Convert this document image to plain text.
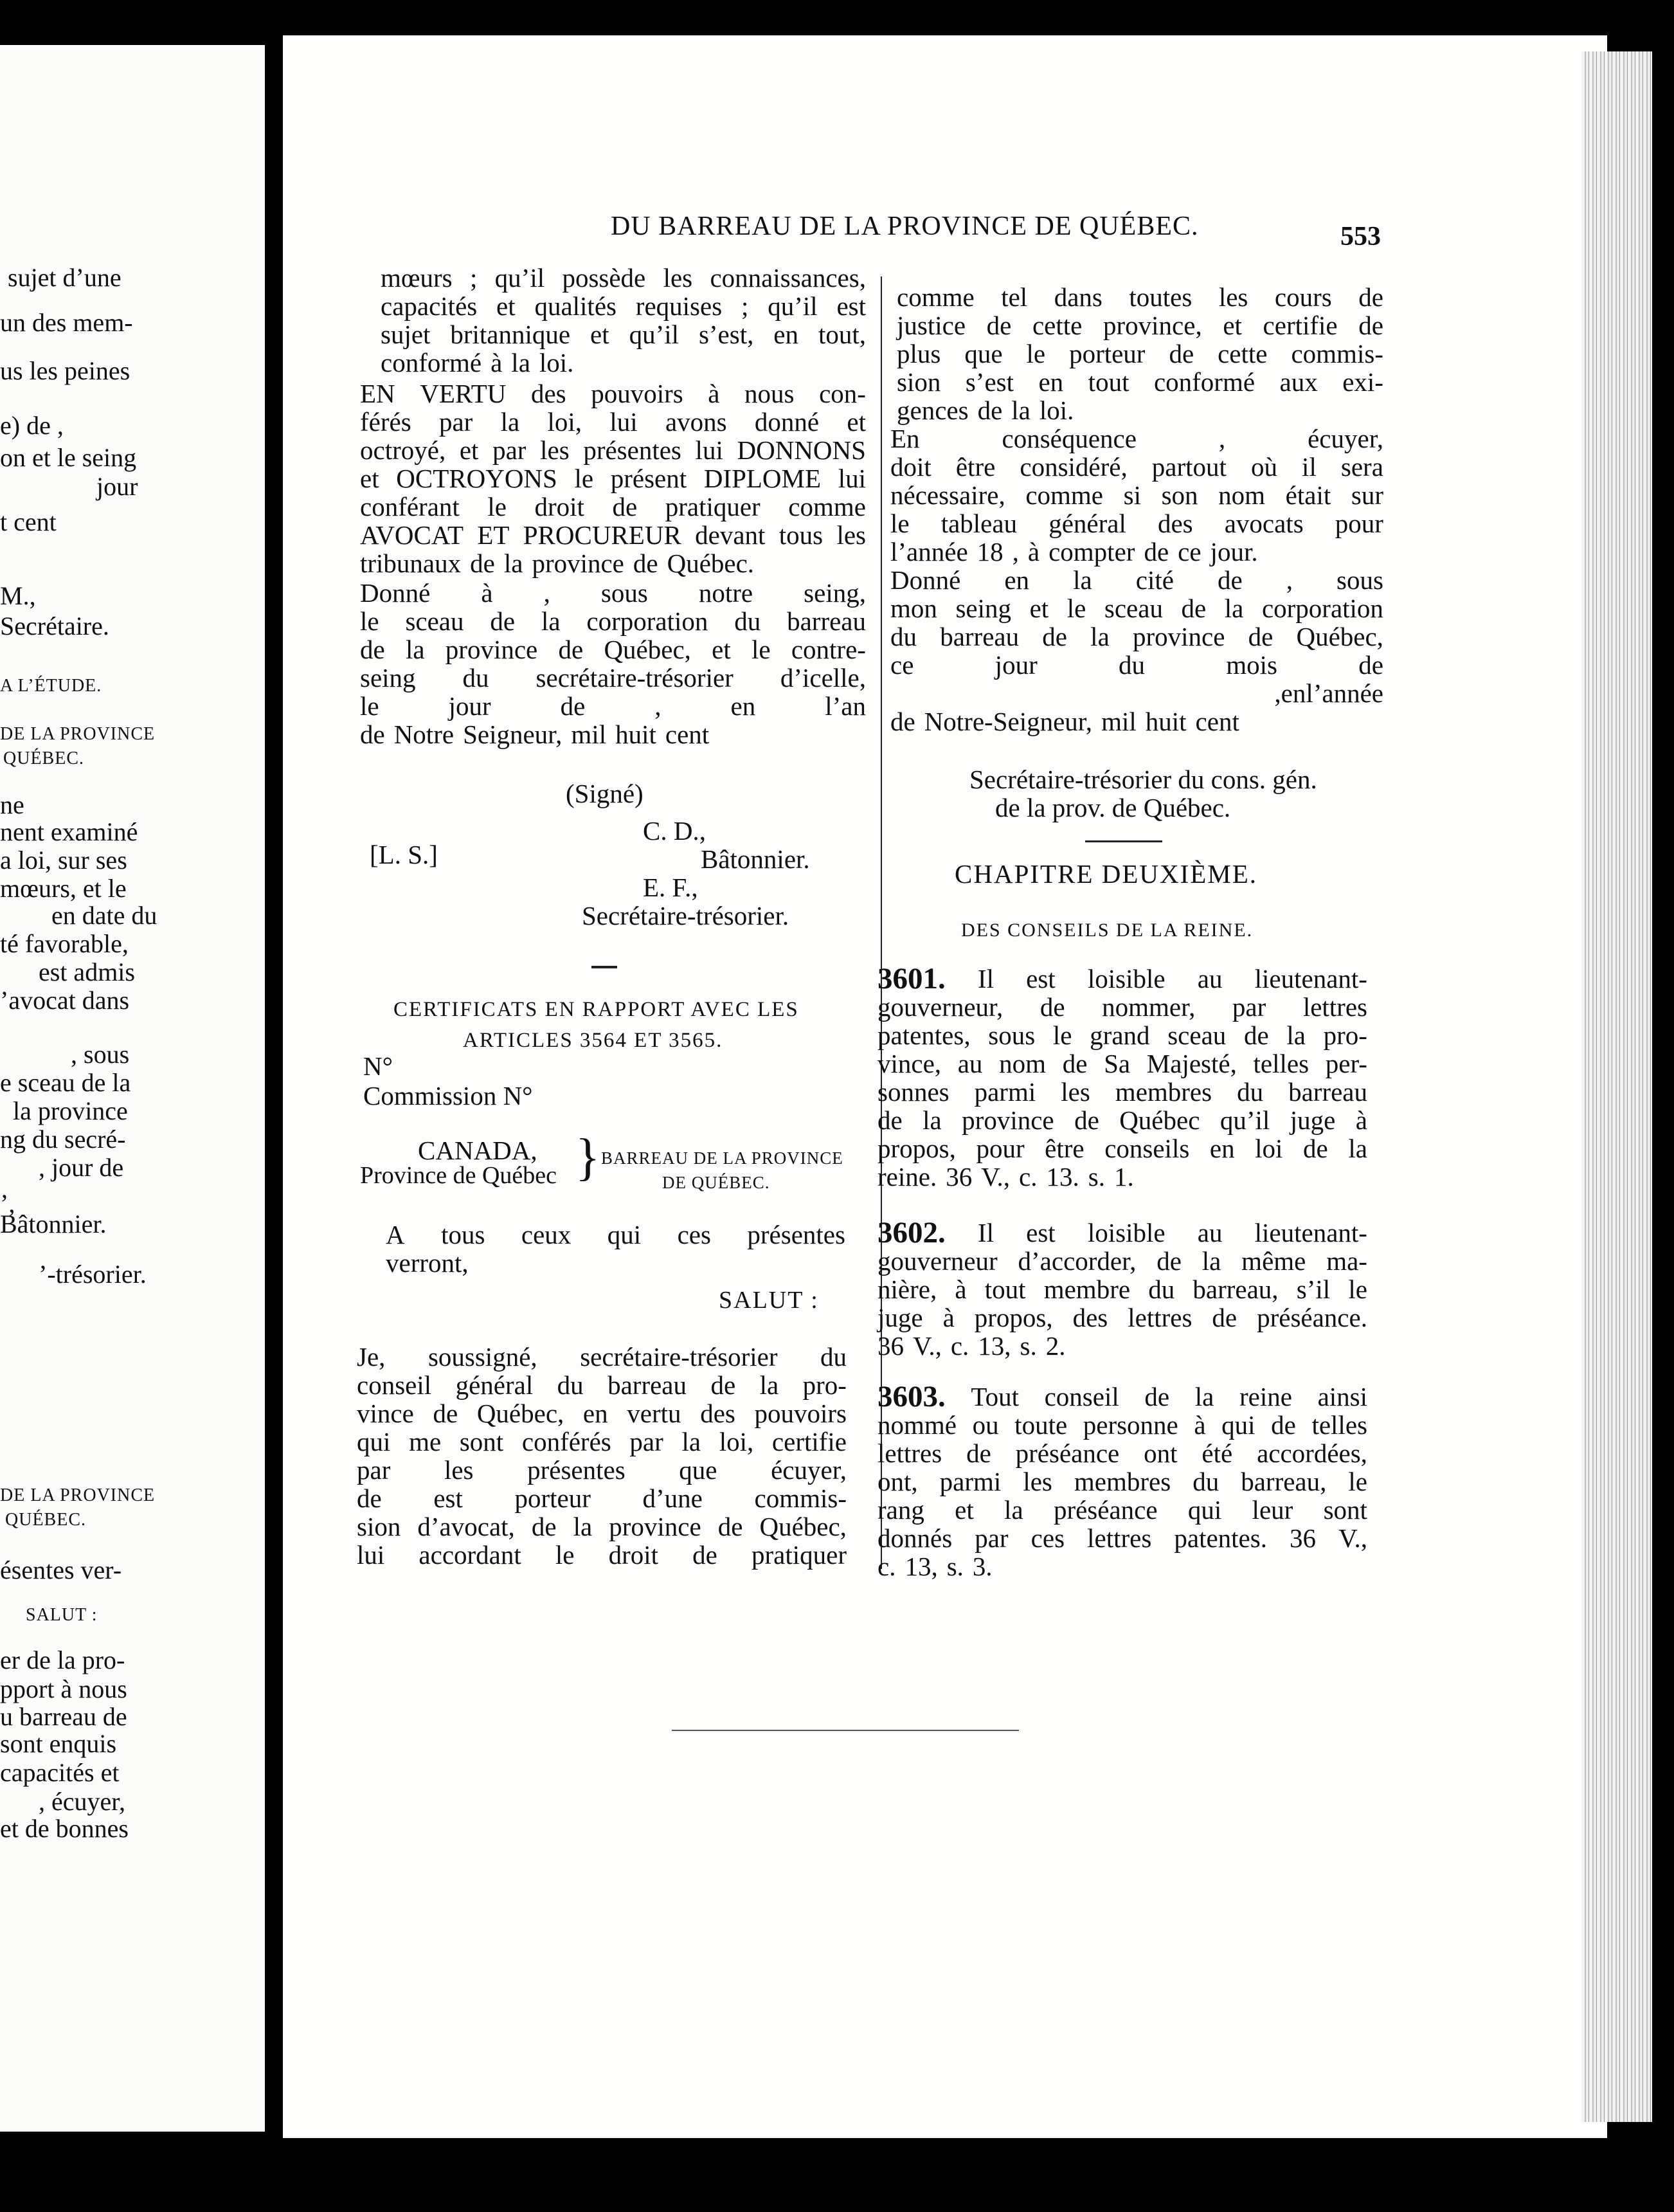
sujet d’une
un des mem-
us les peines
e) de ,
on et le seing
jour
t cent
M.,
Secrétaire.
A L’ÉTUDE.
DE LA PROVINCE
QUÉBEC.
ne
nent examiné
a loi, sur ses
mœurs, et le
en date du
té favorable,
est admis
’avocat dans
, sous
e sceau de la
la province
ng du secré-
, jour de
’,
Bâtonnier.
’-trésorier.
DE LA PROVINCE
QUÉBEC.
ésentes ver-
SALUT :
er de la pro-
pport à nous
u barreau de
sont enquis
capacités et
, écuyer,
et de bonnes
DU BARREAU DE LA PROVINCE DE QUÉBEC.	553
mœurs ; qu’il possède les connaissances,
capacités et qualités requises ; qu’il est
sujet britannique et qu’il s’est, en tout,
conformé à la loi.
EN VERTU des pouvoirs à nous con-
férés par la loi, lui avons donné et
octroyé, et par les présentes lui DONNONS
et OCTROYONS le présent DIPLOME lui
conférant le droit de pratiquer comme
AVOCAT ET PROCUREUR devant tous les
tribunaux de la province de Québec.
Donné à , sous notre seing,
le sceau de la corporation du barreau
de la province de Québec, et le contre-
seing du secrétaire-trésorier d’icelle,
le	jour	de	,	en	l’an
de Notre Seigneur, mil huit cent
(Signé)
C. D.,
[L. S.]	Bâtonnier.
E. F.,
Secrétaire-trésorier.
CERTIFICATS EN RAPPORT AVEC LES
ARTICLES 3564 ET 3565.
N°
Commission N°
CANADA,
Province de Québec } BARREAU DE LA PROVINCE
DE QUÉBEC.
A tous ceux qui ces présentes
verront,
SALUT :
Je, soussigné, secrétaire-trésorier du
conseil général du barreau de la pro-
vince de Québec, en vertu des pouvoirs
qui me sont conférés par la loi, certifie
par les présentes que écuyer,
de est porteur d’une commis-
sion d’avocat, de la province de Québec,
lui accordant le droit de pratiquer
comme tel dans toutes les cours de
justice de cette province, et certifie de
plus que le porteur de cette commis-
sion s’est en tout conformé aux exi-
gences de la loi.
En	conséquence	,	écuyer,
doit être considéré, partout où il sera
nécessaire, comme si son nom était sur
le tableau général des avocats pour
l’année 18 , à compter de ce jour.
Donné en la cité de , sous
mon seing et le sceau de la corporation
du barreau de la province de Québec,
ce	jour	du	mois	de
, en l’année
de Notre-Seigneur, mil huit cent
Secrétaire-trésorier du cons. gén.
de la prov. de Québec.
CHAPITRE DEUXIÈME.
DES CONSEILS DE LA REINE.
3601. Il est loisible au lieutenant-
gouverneur, de nommer, par lettres
patentes, sous le grand sceau de la pro-
vince, au nom de Sa Majesté, telles per-
sonnes parmi les membres du barreau
de la province de Québec qu’il juge à
propos, pour être conseils en loi de la
reine. 36 V., c. 13. s. 1.
3602. Il est loisible au lieutenant-
gouverneur d’accorder, de la même ma-
nière, à tout membre du barreau, s’il le
juge à propos, des lettres de préséance.
36 V., c. 13, s. 2.
3603. Tout conseil de la reine ainsi
nommé ou toute personne à qui de telles
lettres de préséance ont été accordées,
ont, parmi les membres du barreau, le
rang et la préséance qui leur sont
donnés par ces lettres patentes. 36 V.,
c. 13, s. 3.
